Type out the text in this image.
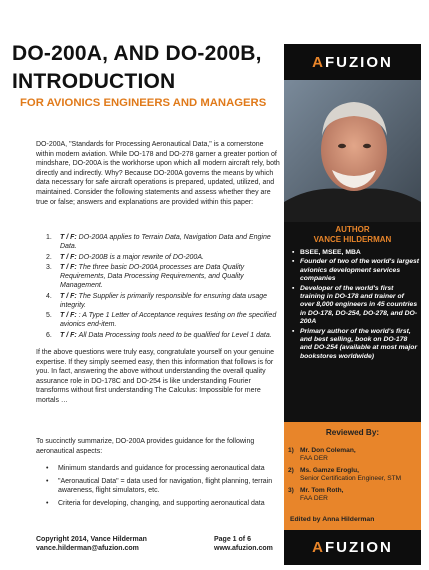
DO-200A, AND DO-200B, INTRODUCTION
FOR AVIONICS ENGINEERS AND MANAGERS
DO-200A, "Standards for Processing Aeronautical Data," is a cornerstone within modern aviation. While DO-178 and DO-278 garner a greater portion of mindshare, DO-200A is the workhorse upon which all modern aircraft rely, both directly and indirectly. Why? Because DO-200A governs the means by which data necessary for safe aircraft operations is prepared, updated, utilized, and maintained. Consider the following statements and assess whether they are true or false; answers and explanations are provided within this paper:
1.	T / F: DO-200A applies to Terrain Data, Navigation Data and Engine Data.
2.	T / F: DO-200B is a major rewrite of DO-200A.
3.	T / F: The three basic DO-200A processes are Data Quality Requirements, Data Processing Requirements, and Quality Management.
4.	T / F: The Supplier is primarily responsible for ensuring data usage integrity.
5.	T / F: : A Type 1 Letter of Acceptance requires testing on the specified avionics end-item.
6.	T / F: All Data Processing tools need to be qualified for Level 1 data.
If the above questions were truly easy, congratulate yourself on your genuine expertise. If they simply seemed easy, then this information that follows is for you. In fact, answering the above without understanding the overall quality assurance role in DO-178C and DO-254 is like understanding Fourier transforms without first understanding The Calculus: Impossible for mere mortals …
To succinctly summarize, DO-200A provides guidance for the following aeronautical aspects:
•	Minimum standards and guidance for processing aeronautical data
•	"Aeronautical Data" = data used for navigation, flight planning, terrain awareness, flight simulators, etc.
•	Criteria for developing, changing, and supporting aeronautical data
Copyright 2014, Vance Hilderman
vance.hilderman@afuzion.com
Page 1 of 6
www.afuzion.com
A FUZION
AUTHOR
VANCE HILDERMAN
▪ BSEE, MSEE, MBA
▪ Founder of two of the world's largest avionics development services companies
▪ Developer of the world's first training in DO-178 and trainer of over 8,000 engineers in 45 countries in DO-178, DO-254, DO-278, and DO-200A
▪ Primary author of the world's first, and best selling, book on DO-178 and DO-254 (available at most major bookstores worldwide)
Reviewed By:
1) Mr. Don Coleman,
FAA DER
2) Ms. Gamze Eroglu,
Senior Certification Engineer, STM
3) Mr. Tom Roth,
FAA DER
Edited by Anna Hilderman
A FUZION
